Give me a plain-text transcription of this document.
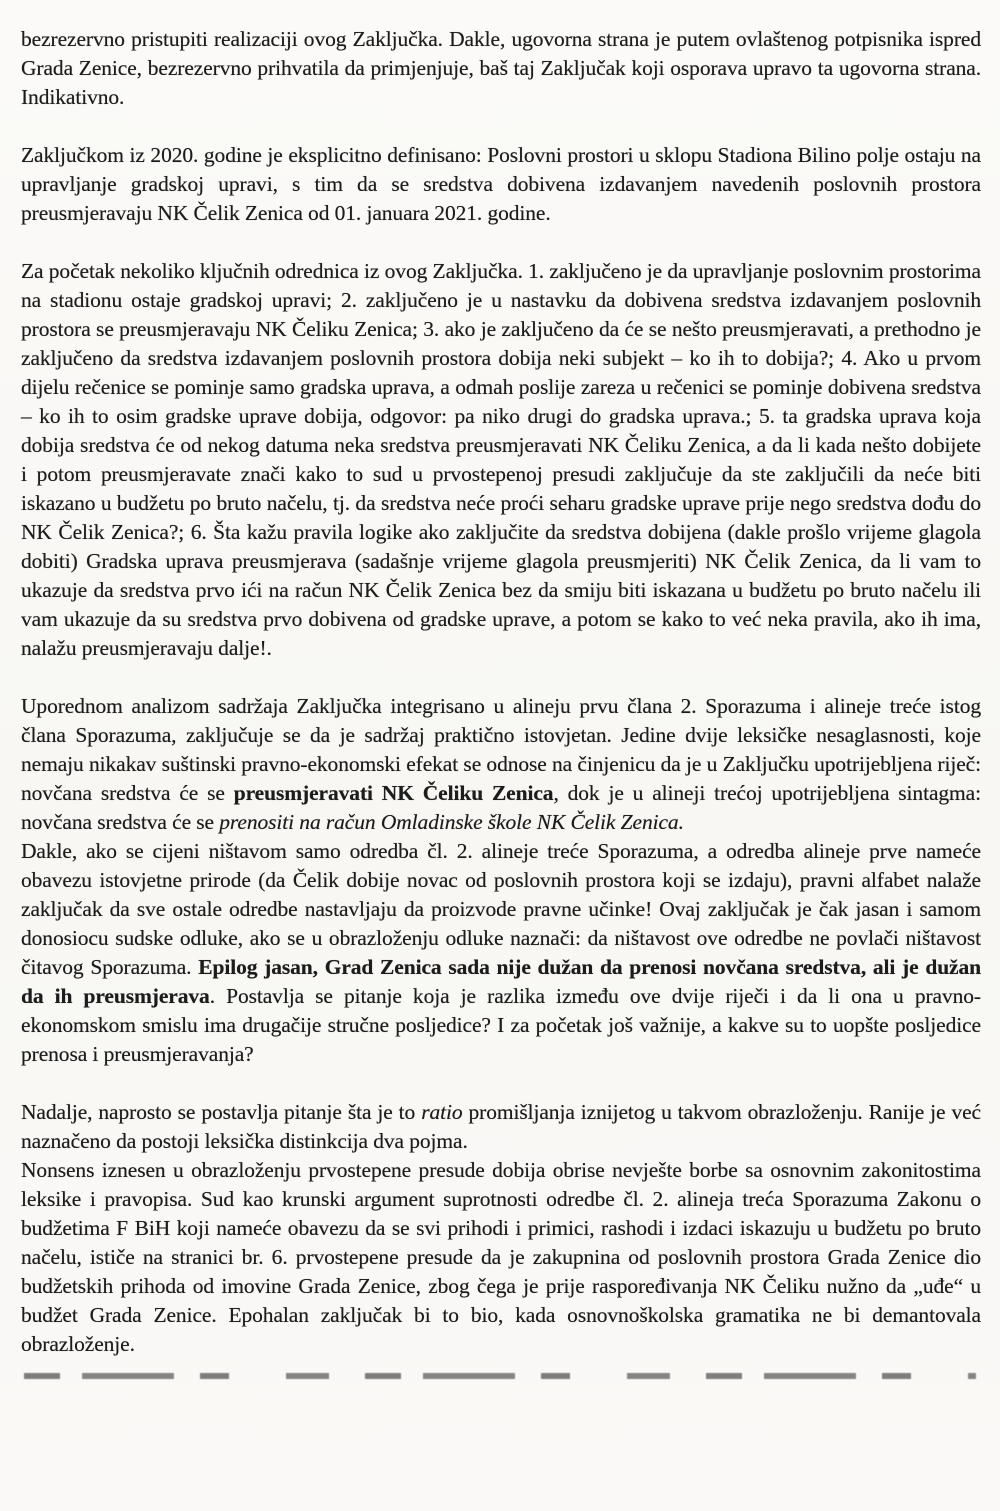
bezrezervno pristupiti realizaciji ovog Zaključka. Dakle, ugovorna strana je putem ovlaštenog potpisnika ispred Grada Zenice, bezrezervno prihvatila da primjenjuje, baš taj Zaključak koji osporava upravo ta ugovorna strana. Indikativno.

Zaključkom iz 2020. godine je eksplicitno definisano: Poslovni prostori u sklopu Stadiona Bilino polje ostaju na upravljanje gradskoj upravi, s tim da se sredstva dobivena izdavanjem navedenih poslovnih prostora preusmjeravaju NK Čelik Zenica od 01. januara 2021. godine.

Za početak nekoliko ključnih odrednica iz ovog Zaključka. 1. zaključeno je da upravljanje poslovnim prostorima na stadionu ostaje gradskoj upravi; 2. zaključeno je u nastavku da dobivena sredstva izdavanjem poslovnih prostora se preusmjeravaju NK Čeliku Zenica; 3. ako je zaključeno da će se nešto preusmjeravati, a prethodno je zaključeno da sredstva izdavanjem poslovnih prostora dobija neki subjekt – ko ih to dobija?; 4. Ako u prvom dijelu rečenice se pominje samo gradska uprava, a odmah poslije zareza u rečenici se pominje dobivena sredstva – ko ih to osim gradske uprave dobija, odgovor: pa niko drugi do gradska uprava.; 5. ta gradska uprava koja dobija sredstva će od nekog datuma neka sredstva preusmjeravati NK Čeliku Zenica, a da li kada nešto dobijete i potom preusmjeravate znači kako to sud u prvostepenoj presudi zaključuje da ste zaključili da neće biti iskazano u budžetu po bruto načelu, tj. da sredstva neće proći seharu gradske uprave prije nego sredstva dođu do NK Čelik Zenica?; 6. Šta kažu pravila logike ako zaključite da sredstva dobijena (dakle prošlo vrijeme glagola dobiti) Gradska uprava preusmjerava (sadašnje vrijeme glagola preusmjeriti) NK Čelik Zenica, da li vam to ukazuje da sredstva prvo ići na račun NK Čelik Zenica bez da smiju biti iskazana u budžetu po bruto načelu ili vam ukazuje da su sredstva prvo dobivena od gradske uprave, a potom se kako to već neka pravila, ako ih ima, nalažu preusmjeravaju dalje!.

Uporednom analizom sadržaja Zaključka integrisano u alineju prvu člana 2. Sporazuma i alineje treće istog člana Sporazuma, zaključuje se da je sadržaj praktično istovjetan. Jedine dvije leksičke nesaglasnosti, koje nemaju nikakav suštinski pravno-ekonomski efekat se odnose na činjenicu da je u Zaključku upotrijebljena riječ: novčana sredstva će se preusmjeravati NK Čeliku Zenica, dok je u alineji trećoj upotrijebljena sintagma: novčana sredstva će se prenositi na račun Omladinske škole NK Čelik Zenica.

Dakle, ako se cijeni ništavom samo odredba čl. 2. alineje treće Sporazuma, a odredba alineje prve nameće obavezu istovjetne prirode (da Čelik dobije novac od poslovnih prostora koji se izdaju), pravni alfabet nalaže zaključak da sve ostale odredbe nastavljaju da proizvode pravne učinke! Ovaj zaključak je čak jasan i samom donosiocu sudske odluke, ako se u obrazloženju odluke naznači: da ništavost ove odredbe ne povlači ništavost čitavog Sporazuma. Epilog jasan, Grad Zenica sada nije dužan da prenosi novčana sredstva, ali je dužan da ih preusmjerava. Postavlja se pitanje koja je razlika između ove dvije riječi i da li ona u pravno-ekonomskom smislu ima drugačije stručne posljedice? I za početak još važnije, a kakve su to uopšte posljedice prenosa i preusmjeravanja?

Nadalje, naprosto se postavlja pitanje šta je to ratio promišljanja iznijetog u takvom obrazloženju. Ranije je već naznačeno da postoji leksička distinkcija dva pojma.

Nonsens iznesen u obrazloženju prvostepene presude dobija obrise nevješte borbe sa osnovnim zakonitostima leksike i pravopisa. Sud kao krunski argument suprotnosti odredbe čl. 2. alineja treća Sporazuma Zakonu o budžetima F BiH koji nameće obavezu da se svi prihodi i primici, rashodi i izdaci iskazuju u budžetu po bruto načelu, ističe na stranici br. 6. prvostepene presude da je zakupnina od poslovnih prostora Grada Zenice dio budžetskih prihoda od imovine Grada Zenice, zbog čega je prije raspoređivanja NK Čeliku nužno da „uđe“ u budžet Grada Zenice. Epohalan zaključak bi to bio, kada osnovnoškolska gramatika ne bi demantovala obrazloženje.
